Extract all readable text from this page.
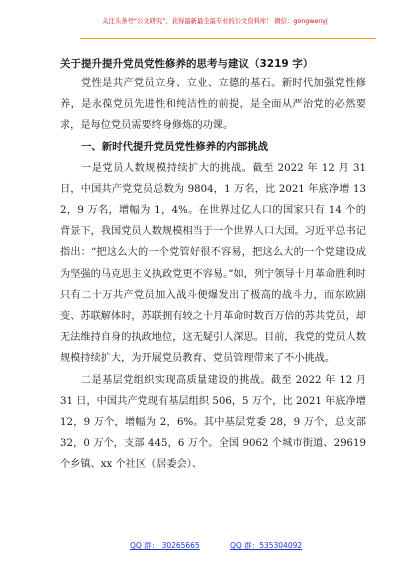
关注头条号“公文研究”，获得最新最全最专业的公文资料库！ 微信：gongwenyj

关于提升提升党员党性修养的思考与建议（3219 字）

党性是共产党员立身、立业、立德的基石。新时代加强党性修养，是永葆党员先进性和纯洁性的前提，是全面从严治党的必然要求，是每位党员需要终身修炼的功课。

一、新时代提升党员党性修养的内部挑战

一是党员人数规模持续扩大的挑战。截至 2022 年 12 月 31 日，中国共产党党员总数为 9804，1 万名，比 2021 年底净增 132，9 万名，增幅为 1，4%。在世界过亿人口的国家只有 14 个的背景下，我国党员人数规模相当于一个世界人口大国。习近平总书记指出：“把这么大的一个党管好很不容易，把这么大的一个党建设成为坚强的马克思主义执政党更不容易。”如，列宁领导十月革命胜利时只有二十万共产党员加入战斗便爆发出了极高的战斗力，而东欧剧变、苏联解体时，苏联拥有较之十月革命时数百万倍的苏共党员，却无法维持自身的执政地位，这无疑引人深思。目前，我党的党员人数规模持续扩大，为开展党员教育、党员管理带来了不小挑战。

二是基层党组织实现高质量建设的挑战。截至 2022 年 12 月 31 日，中国共产党现有基层组织 506，5 万个，比 2021 年底净增 12，9 万个，增幅为 2，6%。其中基层党委 28，9 万个，总支部 32，0 万个，支部 445，6 万个。全国 9062 个城市街道、29619 个乡镇、xx 个社区（居委会）、

QQ 群： 30265665	QQ 群：535304092
